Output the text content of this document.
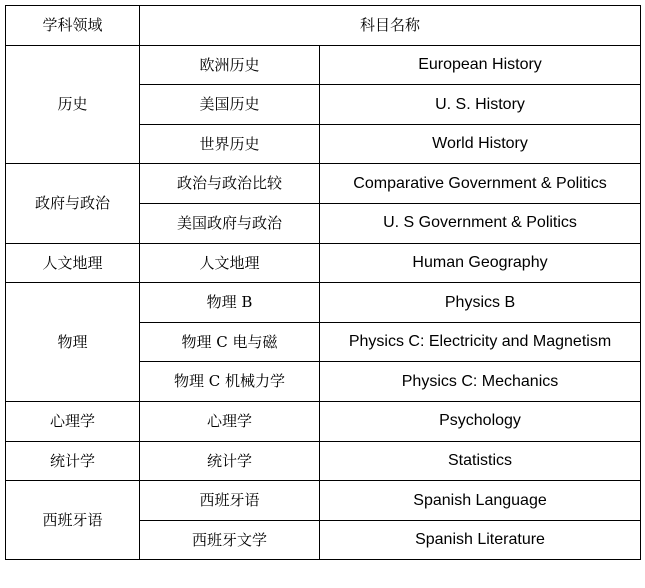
学科领域	科目名称	
历史	欧洲历史	European History
	美国历史	U. S. History
	世界历史	World History
政府与政治	政治与政治比较	Comparative Government & Politics
	美国政府与政治	U. S Government & Politics
人文地理	人文地理	Human Geography
物理	物理 B	Physics B
	物理 C 电与磁	Physics C: Electricity and Magnetism
	物理 C 机械力学	Physics C: Mechanics
心理学	心理学	Psychology
统计学	统计学	Statistics
西班牙语	西班牙语	Spanish Language
	西班牙文学	Spanish Literature
